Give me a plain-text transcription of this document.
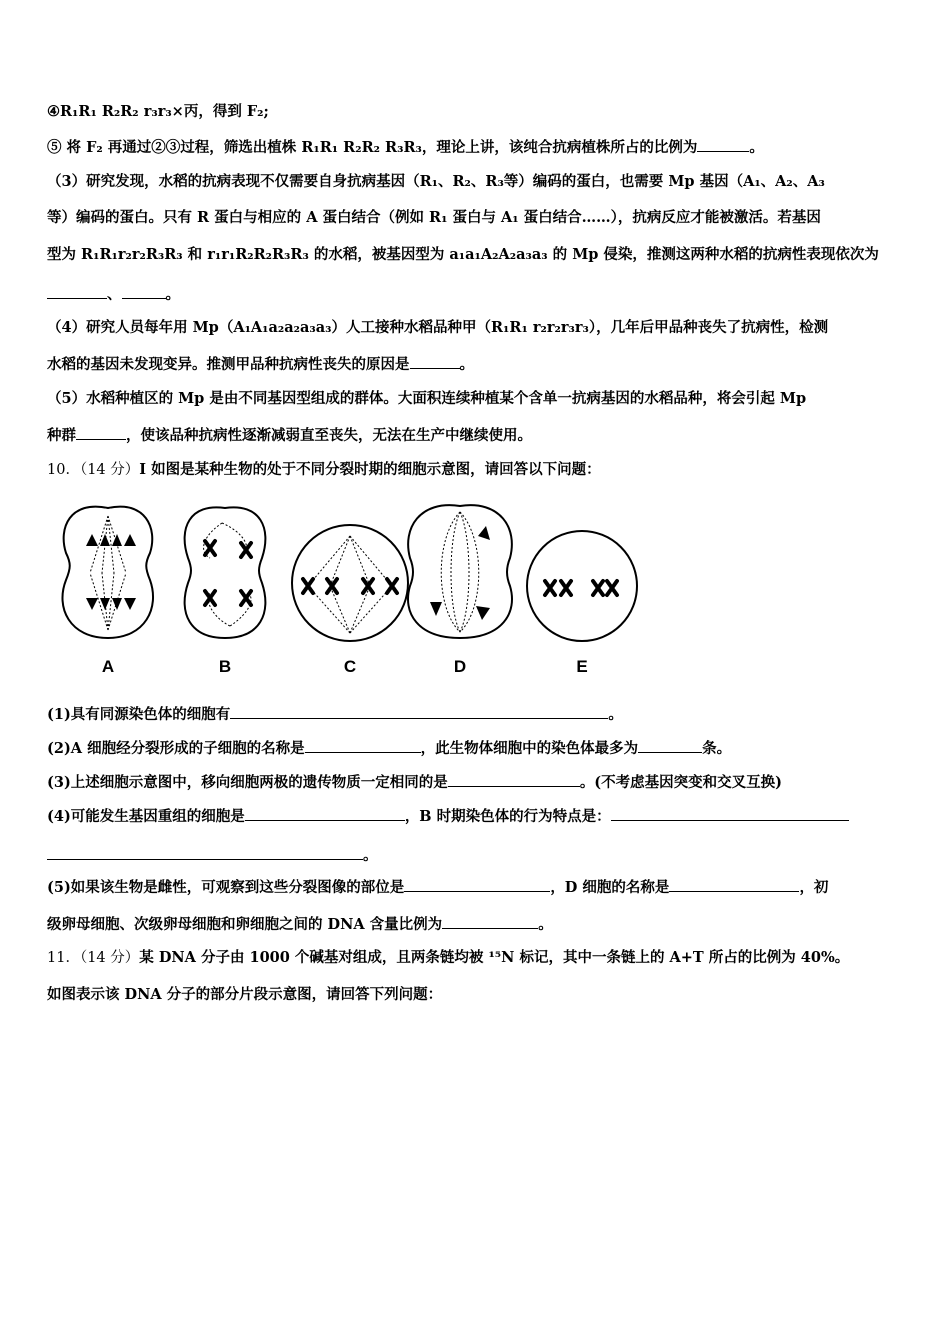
④R₁R₁ R₂R₂ r₃r₃×丙，得到 F₂;
⑤ 将 F₂ 再通过②③过程，筛选出植株 R₁R₁ R₂R₂ R₃R₃，理论上讲，该纯合抗病植株所占的比例为	。
（3）研究发现，水稻的抗病表现不仅需要自身抗病基因（R₁、R₂、R₃等）编码的蛋白，也需要 Mp 基因（A₁、A₂、A₃
等）编码的蛋白。只有 R 蛋白与相应的 A 蛋白结合（例如 R₁ 蛋白与 A₁ 蛋白结合……），抗病反应才能被激活。若基因
型为 R₁R₁r₂r₂R₃R₃ 和 r₁r₁R₂R₂R₃R₃ 的水稻，被基因型为 a₁a₁A₂A₂a₃a₃ 的 Mp 侵染，推测这两种水稻的抗病性表现依次为
、	。
（4）研究人员每年用 Mp（A₁A₁a₂a₂a₃a₃）人工接种水稻品种甲（R₁R₁ r₂r₂r₃r₃），几年后甲品种丧失了抗病性，检测
水稻的基因未发现变异。推测甲品种抗病性丧失的原因是	。
（5）水稻种植区的 Mp 是由不同基因型组成的群体。大面积连续种植某个含单一抗病基因的水稻品种，将会引起 Mp
种群	，使该品种抗病性逐渐减弱直至丧失，无法在生产中继续使用。
10．（14 分）I 如图是某种生物的处于不同分裂时期的细胞示意图，请回答以下问题：
A	B	C	D	E
(1)具有同源染色体的细胞有	。
(2)A 细胞经分裂形成的子细胞的名称是	，此生物体细胞中的染色体最多为	条。
(3)上述细胞示意图中，移向细胞两极的遗传物质一定相同的是	。(不考虑基因突变和交叉互换)
(4)可能发生基因重组的细胞是	，B 时期染色体的行为特点是：
。
(5)如果该生物是雌性，可观察到这些分裂图像的部位是	，D 细胞的名称是	，初
级卵母细胞、次级卵母细胞和卵细胞之间的 DNA 含量比例为	。
11．（14 分）某 DNA 分子由 1000 个碱基对组成，且两条链均被 ¹⁵N 标记，其中一条链上的 A+T 所占的比例为 40%。
如图表示该 DNA 分子的部分片段示意图，请回答下列问题：
